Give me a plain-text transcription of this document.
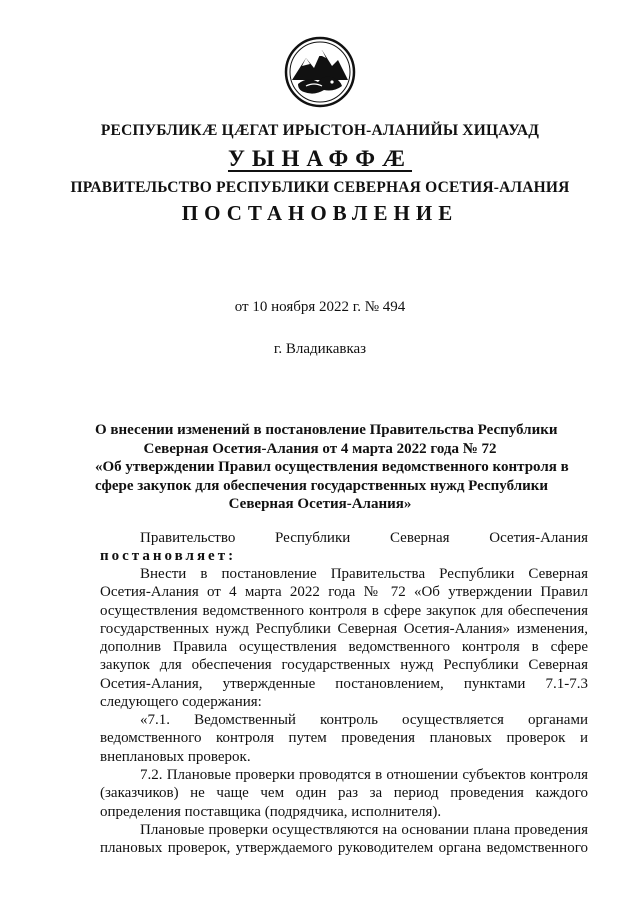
РЕСПУБЛИКӔ ЦӔГАТ ИРЫСТОН-АЛАНИЙЫ ХИЦАУАД
УЫНАФФӔ
ПРАВИТЕЛЬСТВО РЕСПУБЛИКИ СЕВЕРНАЯ ОСЕТИЯ-АЛАНИЯ
ПОСТАНОВЛЕНИЕ
от 10 ноября 2022 г. № 494
г. Владикавказ
О внесении изменений в постановление Правительства Республики
Северная Осетия-Алания от 4 марта 2022 года № 72
«Об утверждении Правил осуществления ведомственного контроля в
сфере закупок для обеспечения государственных нужд Республики
Северная Осетия-Алания»
Правительство Республики Северная Осетия-Алания
постановляет:
Внести в постановление Правительства Республики Северная
Осетия-Алания от 4 марта 2022 года № 72 «Об утверждении Правил
осуществления ведомственного контроля в сфере закупок для обеспечения
государственных нужд Республики Северная Осетия-Алания» изменения,
дополнив Правила осуществления ведомственного контроля в сфере
закупок для обеспечения государственных нужд Республики Северная
Осетия-Алания, утвержденные постановлением, пунктами 7.1-7.3
следующего содержания:
«7.1. Ведомственный контроль осуществляется органами
ведомственного контроля путем проведения плановых проверок и
внеплановых проверок.
7.2. Плановые проверки проводятся в отношении субъектов контроля
(заказчиков) не чаще чем один раз за период проведения каждого
определения поставщика (подрядчика, исполнителя).
Плановые проверки осуществляются на основании плана проведения
плановых проверок, утверждаемого руководителем органа ведомственного
